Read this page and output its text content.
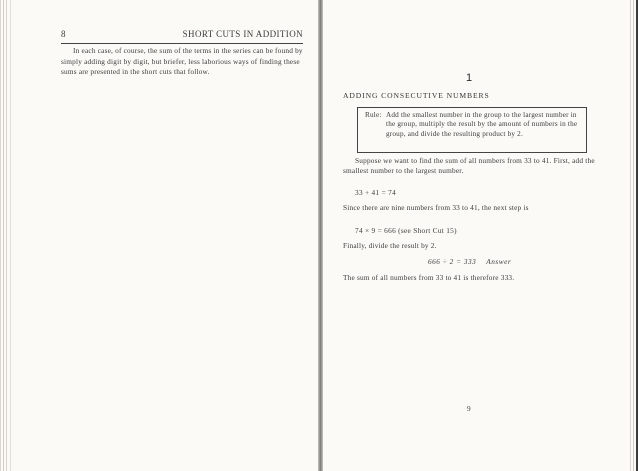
8	SHORT CUTS IN ADDITION

In each case, of course, the sum of the terms in the series can be found by simply adding digit by digit, but briefer, less laborious ways of finding these sums are presented in the short cuts that follow.

1
ADDING CONSECUTIVE NUMBERS
Rule: Add the smallest number in the group to the largest number in the group, multiply the result by the amount of numbers in the group, and divide the resulting product by 2.

Suppose we want to find the sum of all numbers from 33 to 41. First, add the smallest number to the largest number.

33 + 41 = 74

Since there are nine numbers from 33 to 41, the next step is

74 × 9 = 666 (see Short Cut 15)

Finally, divide the result by 2.

666 ÷ 2 = 333 Answer

The sum of all numbers from 33 to 41 is therefore 333.

9
